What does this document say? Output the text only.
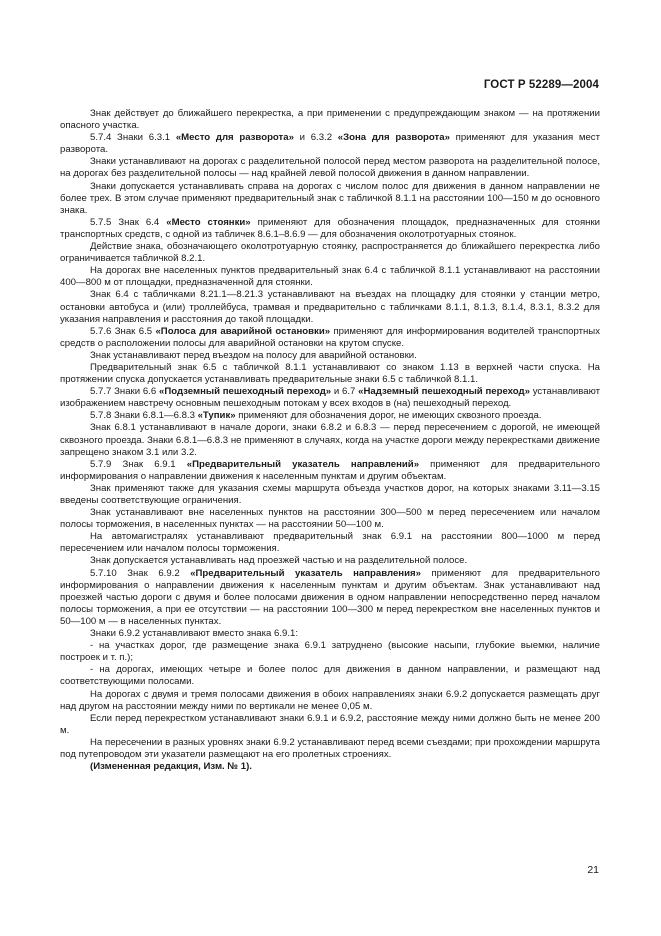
ГОСТ Р 52289—2004

Знак действует до ближайшего перекрестка, а при применении с предупреждающим знаком — на протяжении опасного участка.

5.7.4 Знаки 6.3.1 «Место для разворота» и 6.3.2 «Зона для разворота» применяют для указания мест разворота.

Знаки устанавливают на дорогах с разделительной полосой перед местом разворота на разделительной полосе, на дорогах без разделительной полосы — над крайней левой полосой движения в данном направлении.

Знаки допускается устанавливать справа на дорогах с числом полос для движения в данном направлении не более трех. В этом случае применяют предварительный знак с табличкой 8.1.1 на расстоянии 100—150 м до основного знака.

5.7.5 Знак 6.4 «Место стоянки» применяют для обозначения площадок, предназначенных для стоянки транспортных средств, с одной из табличек 8.6.1–8.6.9 — для обозначения околотротуарных стоянок.

Действие знака, обозначающего околотротуарную стоянку, распространяется до ближайшего перекрестка либо ограничивается табличкой 8.2.1.

На дорогах вне населенных пунктов предварительный знак 6.4 с табличкой 8.1.1 устанавливают на расстоянии 400—800 м от площадки, предназначенной для стоянки.

Знак 6.4 с табличками 8.21.1—8.21.3 устанавливают на въездах на площадку для стоянки у станции метро, остановки автобуса и (или) троллейбуса, трамвая и предварительно с табличками 8.1.1, 8.1.3, 8.1.4, 8.3.1, 8.3.2 для указания направления и расстояния до такой площадки.

5.7.6 Знак 6.5 «Полоса для аварийной остановки» применяют для информирования водителей транспортных средств о расположении полосы для аварийной остановки на крутом спуске.

Знак устанавливают перед въездом на полосу для аварийной остановки.

Предварительный знак 6.5 с табличкой 8.1.1 устанавливают со знаком 1.13 в верхней части спуска. На протяжении спуска допускается устанавливать предварительные знаки 6.5 с табличкой 8.1.1.

5.7.7 Знаки 6.6 «Подземный пешеходный переход» и 6.7 «Надземный пешеходный переход» устанавливают изображением навстречу основным пешеходным потокам у всех входов в (на) пешеходный переход.

5.7.8 Знаки 6.8.1—6.8.3 «Тупик» применяют для обозначения дорог, не имеющих сквозного проезда.

Знак 6.8.1 устанавливают в начале дороги, знаки 6.8.2 и 6.8.3 — перед пересечением с дорогой, не имеющей сквозного проезда. Знаки 6.8.1—6.8.3 не применяют в случаях, когда на участке дороги между перекрестками движение запрещено знаком 3.1 или 3.2.

5.7.9 Знак 6.9.1 «Предварительный указатель направлений» применяют для предварительного информирования о направлении движения к населенным пунктам и другим объектам.

Знак применяют также для указания схемы маршрута объезда участков дорог, на которых знаками 3.11—3.15 введены соответствующие ограничения.

Знак устанавливают вне населенных пунктов на расстоянии 300—500 м перед пересечением или началом полосы торможения, в населенных пунктах — на расстоянии 50—100 м.

На автомагистралях устанавливают предварительный знак 6.9.1 на расстоянии 800—1000 м перед пересечением или началом полосы торможения.

Знак допускается устанавливать над проезжей частью и на разделительной полосе.

5.7.10 Знак 6.9.2 «Предварительный указатель направления» применяют для предварительного информирования о направлении движения к населенным пунктам и другим объектам. Знак устанавливают над проезжей частью дороги с двумя и более полосами движения в одном направлении непосредственно перед началом полосы торможения, а при ее отсутствии — на расстоянии 100—300 м перед перекрестком вне населенных пунктов и 50—100 м — в населенных пунктах.

Знаки 6.9.2 устанавливают вместо знака 6.9.1:

- на участках дорог, где размещение знака 6.9.1 затруднено (высокие насыпи, глубокие выемки, наличие построек и т. п.);

- на дорогах, имеющих четыре и более полос для движения в данном направлении, и размещают над соответствующими полосами.

На дорогах с двумя и тремя полосами движения в обоих направлениях знаки 6.9.2 допускается размещать друг над другом на расстоянии между ними по вертикали не менее 0,05 м.

Если перед перекрестком устанавливают знаки 6.9.1 и 6.9.2, расстояние между ними должно быть не менее 200 м.

На пересечении в разных уровнях знаки 6.9.2 устанавливают перед всеми съездами; при прохождении маршрута под путепроводом эти указатели размещают на его пролетных строениях.

(Измененная редакция, Изм. № 1).

21
